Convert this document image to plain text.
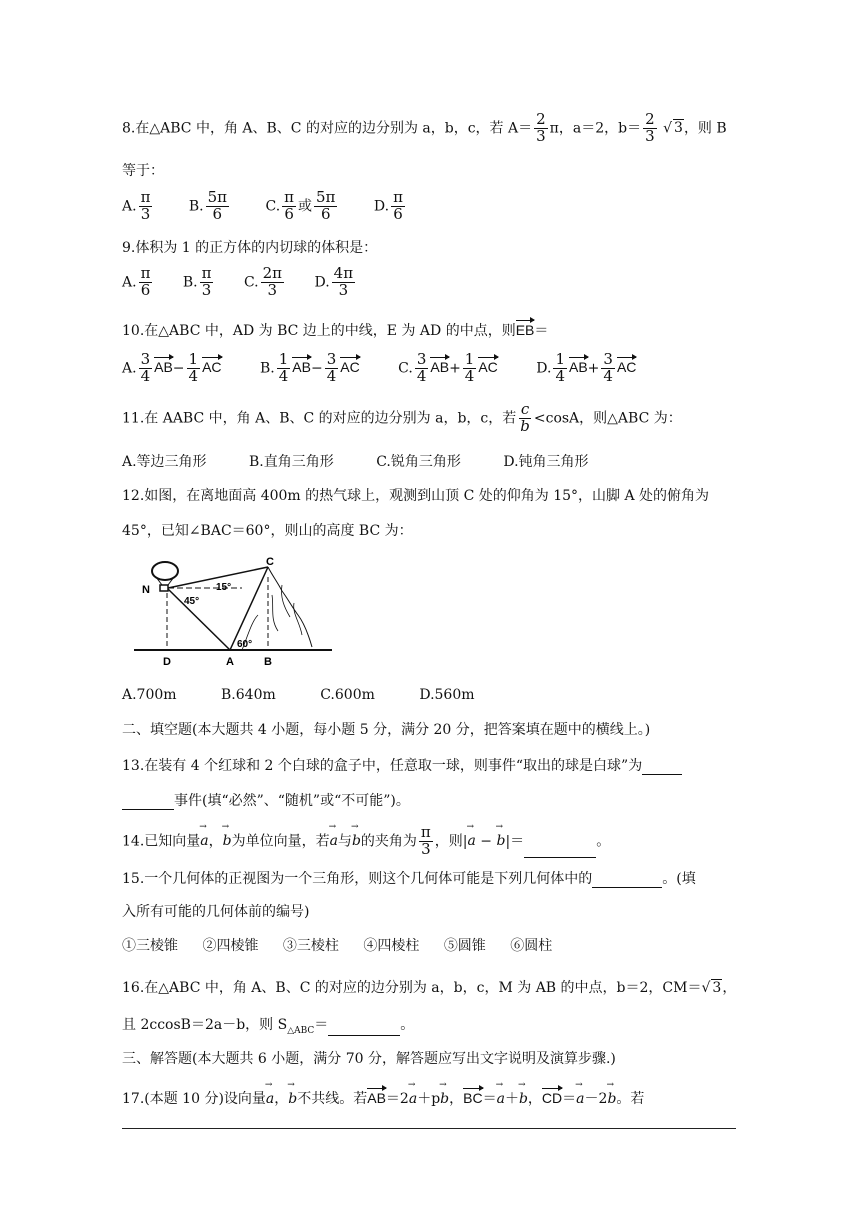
8.在△ABC 中，角 A、B、C 的对应的边分别为 a，b，c，若 $A= \frac{2}{3}$ π，a＝2，$b= \frac{2}{3}$ √ 3，则 B
等于：
A. $\frac{\pi}{3}$	B. $\frac{5\pi}{6}$	C. $\frac{\pi}{6}$ 或 $\frac{5\pi}{6}$	D. $\frac{\pi}{6}$
9.体积为 1 的正方体的内切球的体积是：
A. $\frac{\pi}{6} B$. $\frac{\pi}{3} C$. $\frac{2\pi}{3} D$. $\frac{4\pi}{3}$
10.在△ABC 中，AD 为 BC 边上的中线，E 为 AD 的中点，则EB＝
A. $\frac{3}{4} AB- \frac{1}{4}$ AC	B. $\frac{1}{4} AB- \frac{3}{4}$ AC	C. $\frac{3}{4} AB+ \frac{1}{4}$ AC	D. $\frac{1}{4} AB+ \frac{3}{4}$ AC
11.在 AABC 中，角 A、B、C 的对应的边分别为 a，b，c，若 $\frac{c}{b} <\cos A$，则△ABC 为：
A.等边三角形	B.直角三角形	C.锐角三角形	D.钝角三角形
12.如图，在离地面高 400m 的热气球上，观测到山顶 C 处的仰角为 15°，山脚 A 处的俯角为
45°，已知∠BAC＝60°，则山的高度 BC 为：
N
C
D	A	B
15°
45°
60°
A.700m	B.640m	C.600m	D.560m
二、填空题(本大题共 4 小题，每小题 5 分，满分 20 分，把答案填在题中的横线上。)
13.在装有 4 个红球和 2 个白球的盒子中，任意取一球，则事件“取出的球是白球”为
事件(填“必然”、“随机”或“不可能”)。
14.已知向量a →，b →为单位向量，若a →与b →的夹角为 $\frac{\pi}{3}$ ，则|a → − b →|＝	。
15.一个几何体的正视图为一个三角形，则这个几何体可能是下列几何体中的	。(填
入所有可能的几何体前的编号)
①三棱锥 ②四棱锥 ③三棱柱 ④四棱柱 ⑤圆锥 ⑥圆柱
16.在△ABC 中，角 A、B、C 的对应的边分别为 a，b，c，M 为 AB 的中点，b＝2，CM＝√ 3，
且 2ccosB＝2a－b，则 $S_{\triangle ABC}=$	。
三、解答题(本大题共 6 小题，满分 70 分，解答题应写出文字说明及演算步骤.)
17.(本题 10 分)设向量a →，b →不共线。若AB＝2a →＋pb →，BC＝a →＋b →，CD＝a →－2b →。若
